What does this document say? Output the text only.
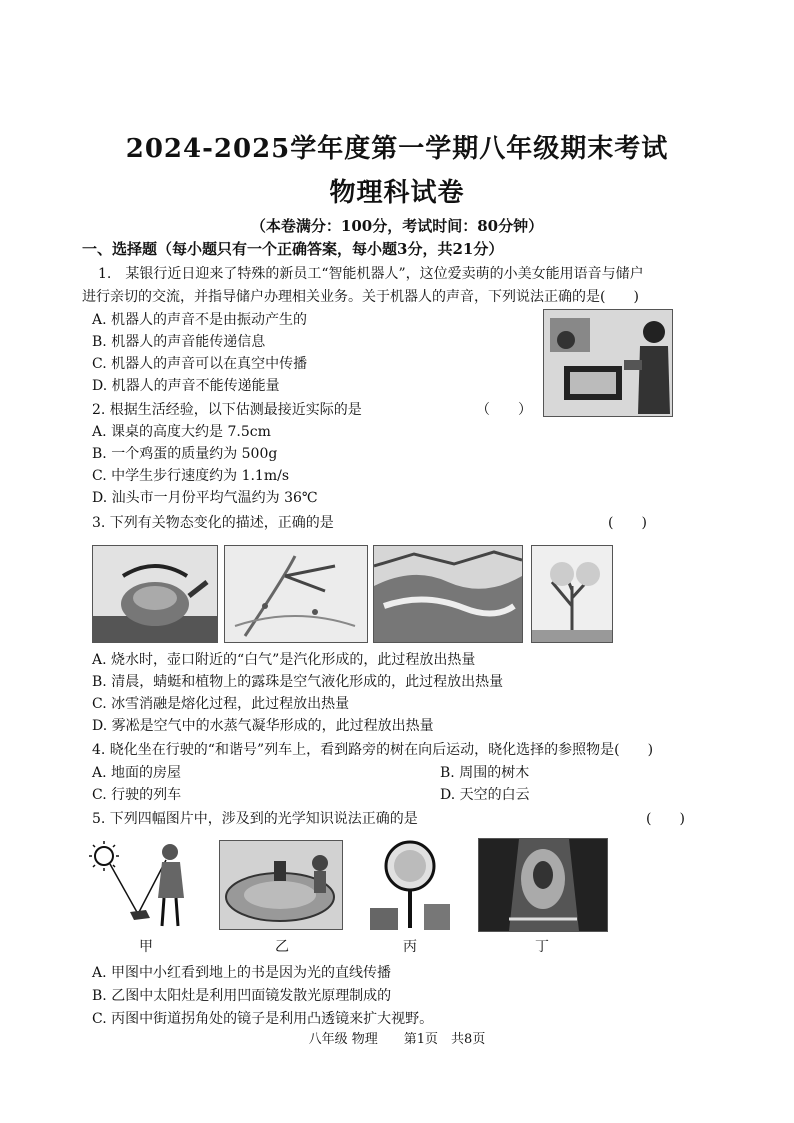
2024-2025学年度第一学期八年级期末考试
物理科试卷
（本卷满分：100分，考试时间：80分钟）
一、选择题（每小题只有一个正确答案，每小题3分，共21分）
1.　某银行近日迎来了特殊的新员工“智能机器人”，这位爱卖萌的小美女能用语音与储户
进行亲切的交流，并指导储户办理相关业务。关于机器人的声音，下列说法正确的是(　　)
A. 机器人的声音不是由振动产生的
B. 机器人的声音能传递信息
C. 机器人的声音可以在真空中传播
D. 机器人的声音不能传递能量
2. 根据生活经验，以下估测最接近实际的是	（　　）
A. 课桌的高度大约是 7.5cm
B. 一个鸡蛋的质量约为 500g
C. 中学生步行速度约为 1.1m/s
D. 汕头市一月份平均气温约为 36℃
3. 下列有关物态变化的描述，正确的是	(　　)
A. 烧水时，壶口附近的“白气”是汽化形成的，此过程放出热量
B. 清晨，蜻蜓和植物上的露珠是空气液化形成的，此过程放出热量
C. 冰雪消融是熔化过程，此过程放出热量
D. 雾凇是空气中的水蒸气凝华形成的，此过程放出热量
4. 晓化坐在行驶的“和谐号”列车上，看到路旁的树在向后运动，晓化选择的参照物是(　　)
A. 地面的房屋	B. 周围的树木
C. 行驶的列车	D. 天空的白云
5. 下列四幅图片中，涉及到的光学知识说法正确的是	(　　)
甲	乙	丙	丁
A. 甲图中小红看到地上的书是因为光的直线传播
B. 乙图中太阳灶是利用凹面镜发散光原理制成的
C. 丙图中街道拐角处的镜子是利用凸透镜来扩大视野。
八年级 物理　　第1页　共8页
